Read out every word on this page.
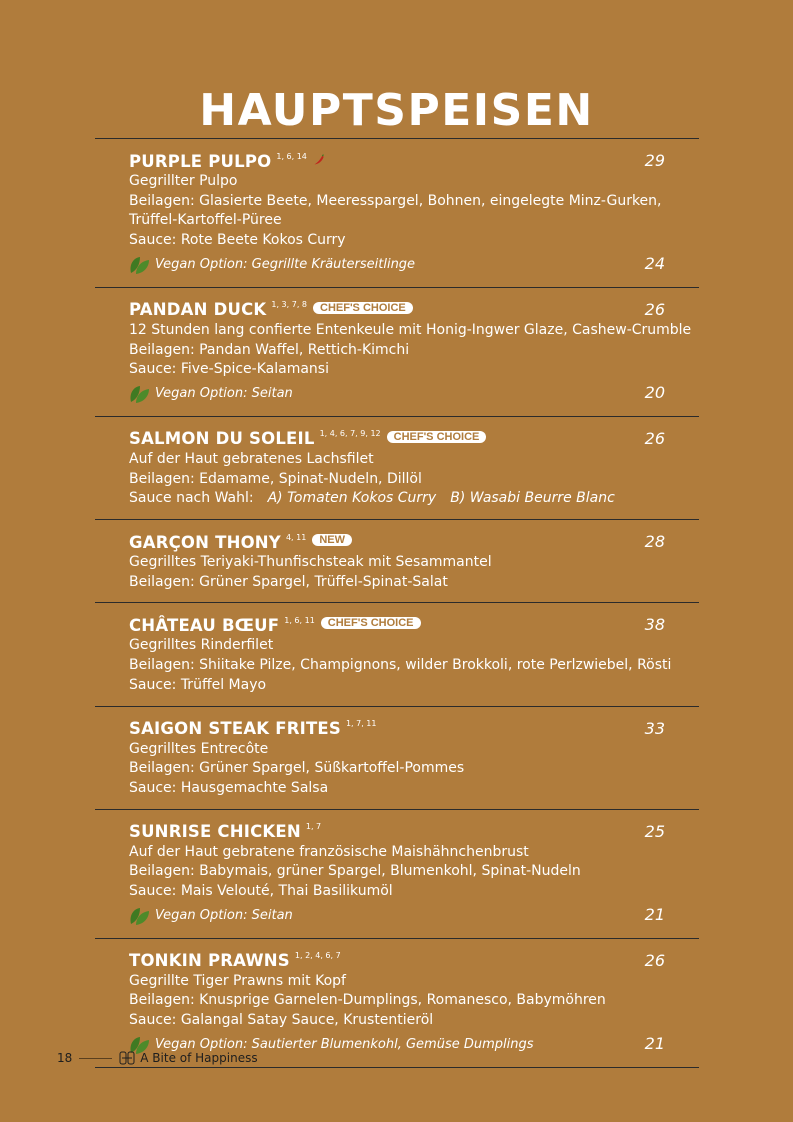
HAUPTSPEISEN
PURPLE PULPO 1, 6, 14	29
Gegrillter Pulpo
Beilagen: Glasierte Beete, Meeresspargel, Bohnen, eingelegte Minz-Gurken, Trüffel-Kartoffel-Püree
Sauce: Rote Beete Kokos Curry
Vegan Option: Gegrillte Kräuterseitlinge	24
PANDAN DUCK 1, 3, 7, 8	CHEF'S CHOICE	26
12 Stunden lang confierte Entenkeule mit Honig-Ingwer Glaze, Cashew-Crumble
Beilagen: Pandan Waffel, Rettich-Kimchi
Sauce: Five-Spice-Kalamansi
Vegan Option: Seitan	20
SALMON DU SOLEIL 1, 4, 6, 7, 9, 12	CHEF'S CHOICE	26
Auf der Haut gebratenes Lachsfilet
Beilagen: Edamame, Spinat-Nudeln, Dillöl
Sauce nach Wahl: A) Tomaten Kokos Curry B) Wasabi Beurre Blanc
GARÇON THONY 4, 11	NEW	28
Gegrilltes Teriyaki-Thunfischsteak mit Sesammantel
Beilagen: Grüner Spargel, Trüffel-Spinat-Salat
CHÂTEAU BŒUF 1, 6, 11	CHEF'S CHOICE	38
Gegrilltes Rinderfilet
Beilagen: Shiitake Pilze, Champignons, wilder Brokkoli, rote Perlzwiebel, Rösti
Sauce: Trüffel Mayo
SAIGON STEAK FRITES 1, 7, 11	33
Gegrilltes Entrecôte
Beilagen: Grüner Spargel, Süßkartoffel-Pommes
Sauce: Hausgemachte Salsa
SUNRISE CHICKEN 1, 7	25
Auf der Haut gebratene französische Maishähnchenbrust
Beilagen: Babymais, grüner Spargel, Blumenkohl, Spinat-Nudeln
Sauce: Mais Velouté, Thai Basilikumöl
Vegan Option: Seitan	21
TONKIN PRAWNS 1, 2, 4, 6, 7	26
Gegrillte Tiger Prawns mit Kopf
Beilagen: Knusprige Garnelen-Dumplings, Romanesco, Babymöhren
Sauce: Galangal Satay Sauce, Krustentieröl
Vegan Option: Sautierter Blumenkohl, Gemüse Dumplings	21
18	A Bite of Happiness
